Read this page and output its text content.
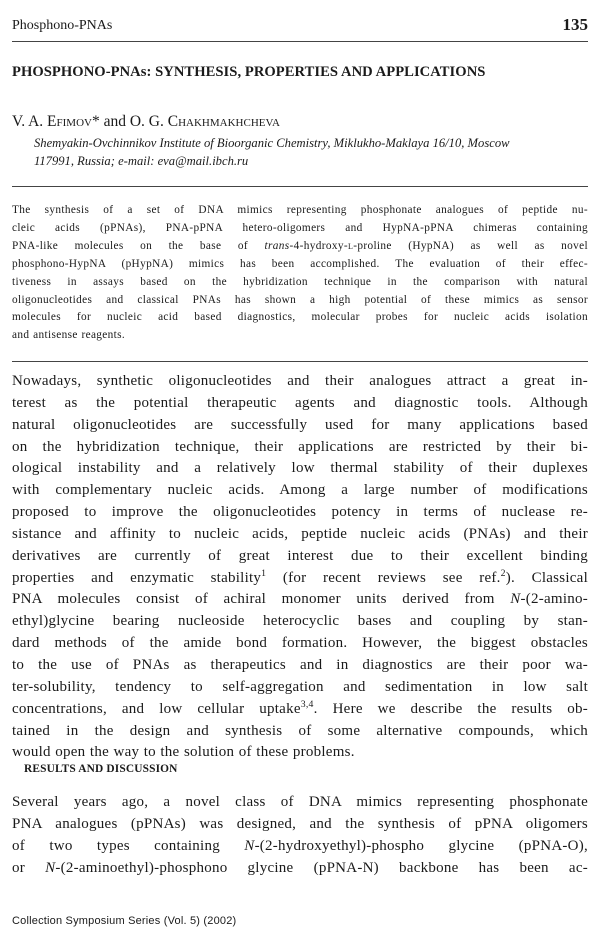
Phosphono-PNAs	135
PHOSPHONO-PNAs: SYNTHESIS, PROPERTIES AND APPLICATIONS
V. A. Efimov* and O. G. Chakhmakhcheva
Shemyakin-Ovchinnikov Institute of Bioorganic Chemistry, Miklukho-Maklaya 16/10, Moscow
117991, Russia; e-mail: eva@mail.ibch.ru
The synthesis of a set of DNA mimics representing phosphonate analogues of peptide nu-
cleic acids (pPNAs), PNA-pPNA hetero-oligomers and HypNA-pPNA chimeras containing
PNA-like molecules on the base of trans-4-hydroxy-l-proline (HypNA) as well as novel
phosphono-HypNA (pHypNA) mimics has been accomplished. The evaluation of their effec-
tiveness in assays based on the hybridization technique in the comparison with natural
oligonucleotides and classical PNAs has shown a high potential of these mimics as sensor
molecules for nucleic acid based diagnostics, molecular probes for nucleic acids isolation
and antisense reagents.
Nowadays, synthetic oligonucleotides and their analogues attract a great in-
terest as the potential therapeutic agents and diagnostic tools. Although
natural oligonucleotides are successfully used for many applications based
on the hybridization technique, their applications are restricted by their bi-
ological instability and a relatively low thermal stability of their duplexes
with complementary nucleic acids. Among a large number of modifications
proposed to improve the oligonucleotides potency in terms of nuclease re-
sistance and affinity to nucleic acids, peptide nucleic acids (PNAs) and their
derivatives are currently of great interest due to their excellent binding
properties and enzymatic stability$^1$ (for recent reviews see ref.$^2$). Classical
PNA molecules consist of achiral monomer units derived from N-(2-amino-
ethyl)glycine bearing nucleoside heterocyclic bases and coupling by stan-
dard methods of the amide bond formation. However, the biggest obstacles
to the use of PNAs as therapeutics and in diagnostics are their poor wa-
ter-solubility, tendency to self-aggregation and sedimentation in low salt
concentrations, and low cellular uptake$^{3,4}$. Here we describe the results ob-
tained in the design and synthesis of some alternative compounds, which
would open the way to the solution of these problems.
RESULTS AND DISCUSSION
Several years ago, a novel class of DNA mimics representing phosphonate
PNA analogues (pPNAs) was designed, and the synthesis of pPNA oligomers
of two types containing N-(2-hydroxyethyl)-phospho glycine (pPNA-O),
or N-(2-aminoethyl)-phosphono glycine (pPNA-N) backbone has been ac-
Collection Symposium Series (Vol. 5) (2002)
